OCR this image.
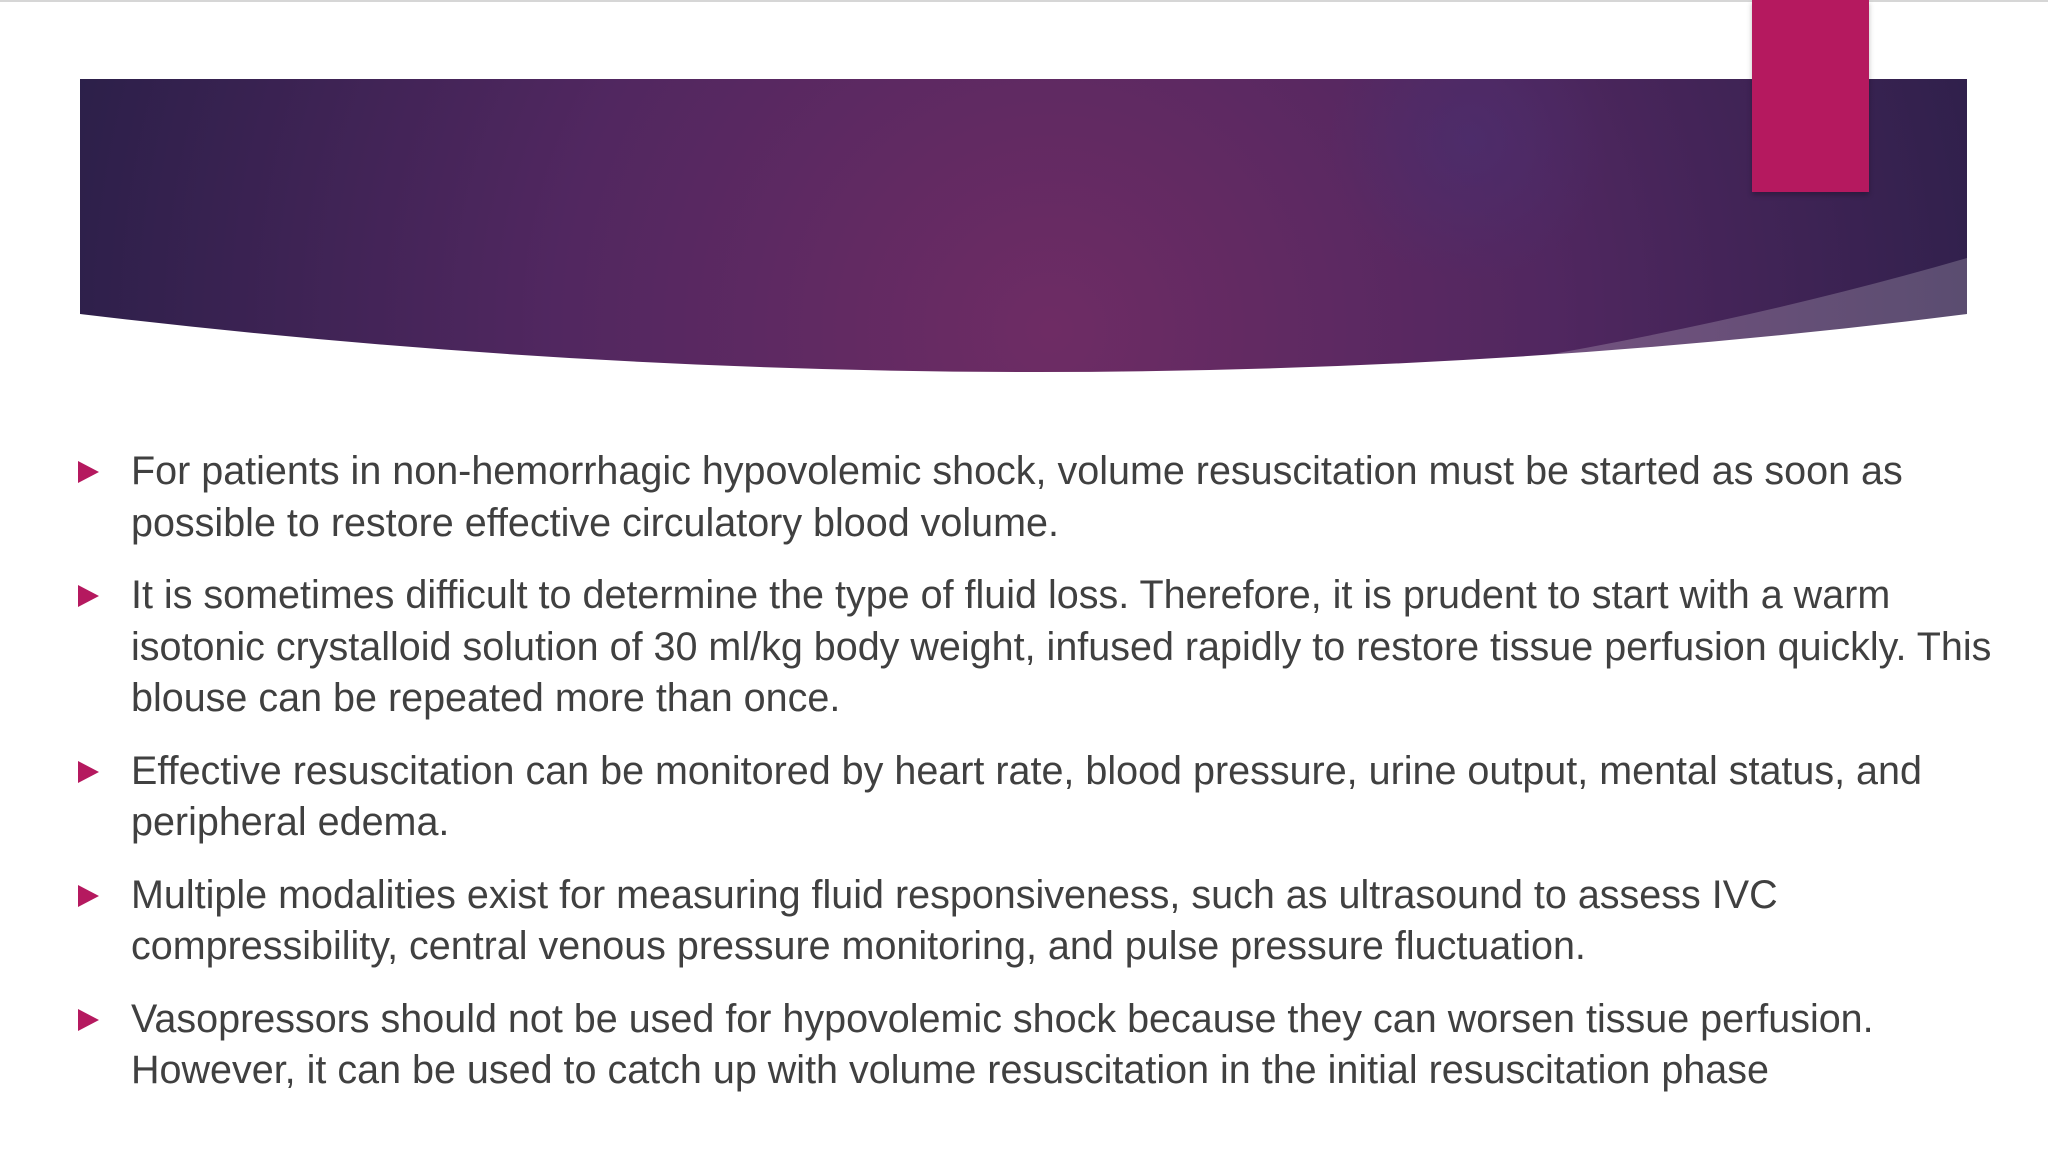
For patients in non-hemorrhagic hypovolemic shock, volume resuscitation must be started as soon as possible to restore effective circulatory blood volume.
It is sometimes difficult to determine the type of fluid loss. Therefore, it is prudent to start with a warm isotonic crystalloid solution of 30 ml/kg body weight, infused rapidly to restore tissue perfusion quickly. This blouse can be repeated more than once.
Effective resuscitation can be monitored by heart rate, blood pressure, urine output, mental status, and peripheral edema.
Multiple modalities exist for measuring fluid responsiveness, such as ultrasound to assess IVC compressibility, central venous pressure monitoring, and pulse pressure fluctuation.
Vasopressors should not be used for hypovolemic shock because they can worsen tissue perfusion. However, it can be used to catch up with volume resuscitation in the initial resuscitation phase
